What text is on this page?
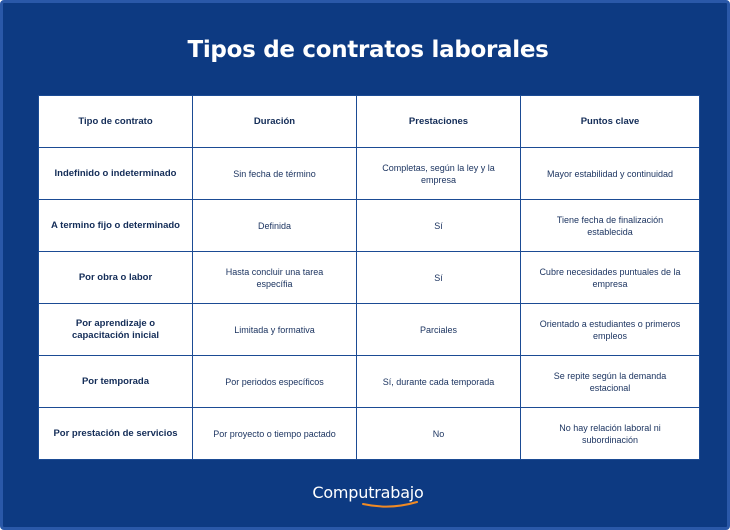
Tipos de contratos laborales
Tipo de contrato	Duración	Prestaciones	Puntos clave
Indefinido o indeterminado	Sin fecha de término	Completas, según la ley y la empresa	Mayor estabilidad y continuidad
A termino fijo o determinado	Definida	Sí	Tiene fecha de finalización establecida
Por obra o labor	Hasta concluir una tarea específia	Sí	Cubre necesidades puntuales de la empresa
Por aprendizaje o capacitación inicial	Limitada y formativa	Parciales	Orientado a estudiantes o primeros empleos
Por temporada	Por periodos específicos	Sí, durante cada temporada	Se repite según la demanda estacional
Por prestación de servicios	Por proyecto o tiempo pactado	No	No hay relación laboral ni subordinación
Computrabajo
